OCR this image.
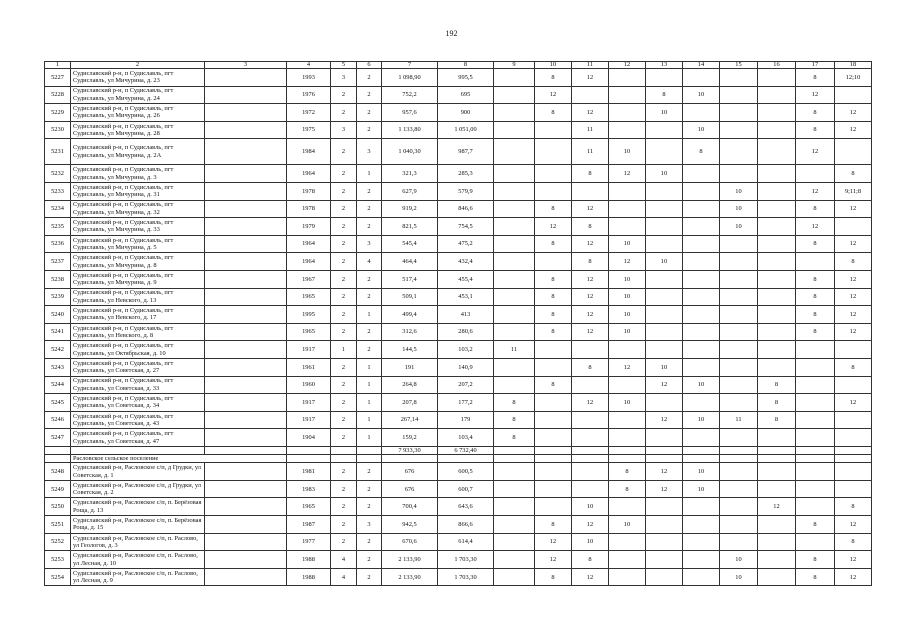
192
1	2	3	4	5	6	7	8	9	10	11	12	13	14	15	16	17	18
5227	Судиславский р-н, п Судиславль, пгт Судиславль, ул Мичурина, д. 23		1993	3	2	1 098,90	995,5		8	12						8	12;10
5228	Судиславский р-н, п Судиславль, пгт Судиславль, ул Мичурина, д. 24		1976	2	2	752,2	695		12			8	10			12	
5229	Судиславский р-н, п Судиславль, пгт Судиславль, ул Мичурина, д. 26		1972	2	2	957,6	900		8	12		10				8	12
5230	Судиславский р-н, п Судиславль, пгт Судиславль, ул Мичурина, д. 28		1975	3	2	1 133,80	1 051,00			11			10			8	12
5231	Судиславский р-н, п Судиславль, пгт Судиславль, ул Мичурина, д. 2А		1984	2	3	1 040,30	987,7			11	10		8			12	
5232	Судиславский р-н, п Судиславль, пгт Судиславль, ул Мичурина, д. 3		1964	2	1	321,3	285,3			8	12	10					8
5233	Судиславский р-н, п Судиславль, пгт Судиславль, ул Мичурина, д. 31		1978	2	2	627,9	579,9							10		12	9;11;8
5234	Судиславский р-н, п Судиславль, пгт Судиславль, ул Мичурина, д. 32		1978	2	2	919,2	846,6		8	12				10		8	12
5235	Судиславский р-н, п Судиславль, пгт Судиславль, ул Мичурина, д. 33		1979	2	2	821,5	754,5		12	8				10		12	
5236	Судиславский р-н, п Судиславль, пгт Судиславль, ул Мичурина, д. 5		1964	2	3	545,4	475,2		8	12	10					8	12
5237	Судиславский р-н, п Судиславль, пгт Судиславль, ул Мичурина, д. 8		1964	2	4	464,4	432,4			8	12	10					8
5238	Судиславский р-н, п Судиславль, пгт Судиславль, ул Мичурина, д. 9		1967	2	2	517,4	455,4		8	12	10					8	12
5239	Судиславский р-н, п Судиславль, пгт Судиславль, ул Невского, д. 13		1965	2	2	509,1	453,1		8	12	10					8	12
5240	Судиславский р-н, п Судиславль, пгт Судиславль, ул Невского, д. 17		1995	2	1	499,4	413		8	12	10					8	12
5241	Судиславский р-н, п Судиславль, пгт Судиславль, ул Невского, д. 8		1965	2	2	312,6	280,6		8	12	10					8	12
5242	Судиславский р-н, п Судиславль, пгт Судиславль, ул Октябрьская, д. 10		1917	1	2	144,5	103,2	11									
5243	Судиславский р-н, п Судиславль, пгт Судиславль, ул Советская, д. 27		1961	2	1	191	140,9			8	12	10					8
5244	Судиславский р-н, п Судиславль, пгт Судиславль, ул Советская, д. 33		1960	2	1	264,8	207,2		8			12	10		8		
5245	Судиславский р-н, п Судиславль, пгт Судиславль, ул Советская, д. 34		1917	2	1	207,8	177,2	8		12	10				8		12
5246	Судиславский р-н, п Судиславль, пгт Судиславль, ул Советская, д. 43		1917	2	1	267,14	179	8				12	10	11	8		
5247	Судиславский р-н, п Судиславль, пгт Судиславль, ул Советская, д. 47		1904	2	1	159,2	103,4	8									
						7 933,30	6 732,40										
	Расловское сельское поселение																
5248	Судиславский р-н, Расловское с/п, д Грудки, ул Советская, д. 1		1981	2	2	676	600,5				8	12	10				
5249	Судиславский р-н, Расловское с/п, д Грудки, ул Советская, д. 2		1983	2	2	676	600,7				8	12	10				
5250	Судиславский р-н, Расловское с/п, п. Берёзовая Роща, д. 13		1965	2	2	700,4	643,6			10					12		8
5251	Судиславский р-н, Расловское с/п, п. Берёзовая Роща, д. 15		1987	2	3	942,5	866,6		8	12	10					8	12
5252	Судиславский р-н, Расловское с/п, п. Раслово, ул Геологов, д. 3		1977	2	2	670,6	614,4		12	10							8
5253	Судиславский р-н, Расловское с/п, п. Раслово, ул Лесная, д. 10		1988	4	2	2 133,90	1 703,30		12	8				10		8	12
5254	Судиславский р-н, Расловское с/п, п. Раслово, ул Лесная, д. 9		1988	4	2	2 133,90	1 703,30		8	12				10		8	12
